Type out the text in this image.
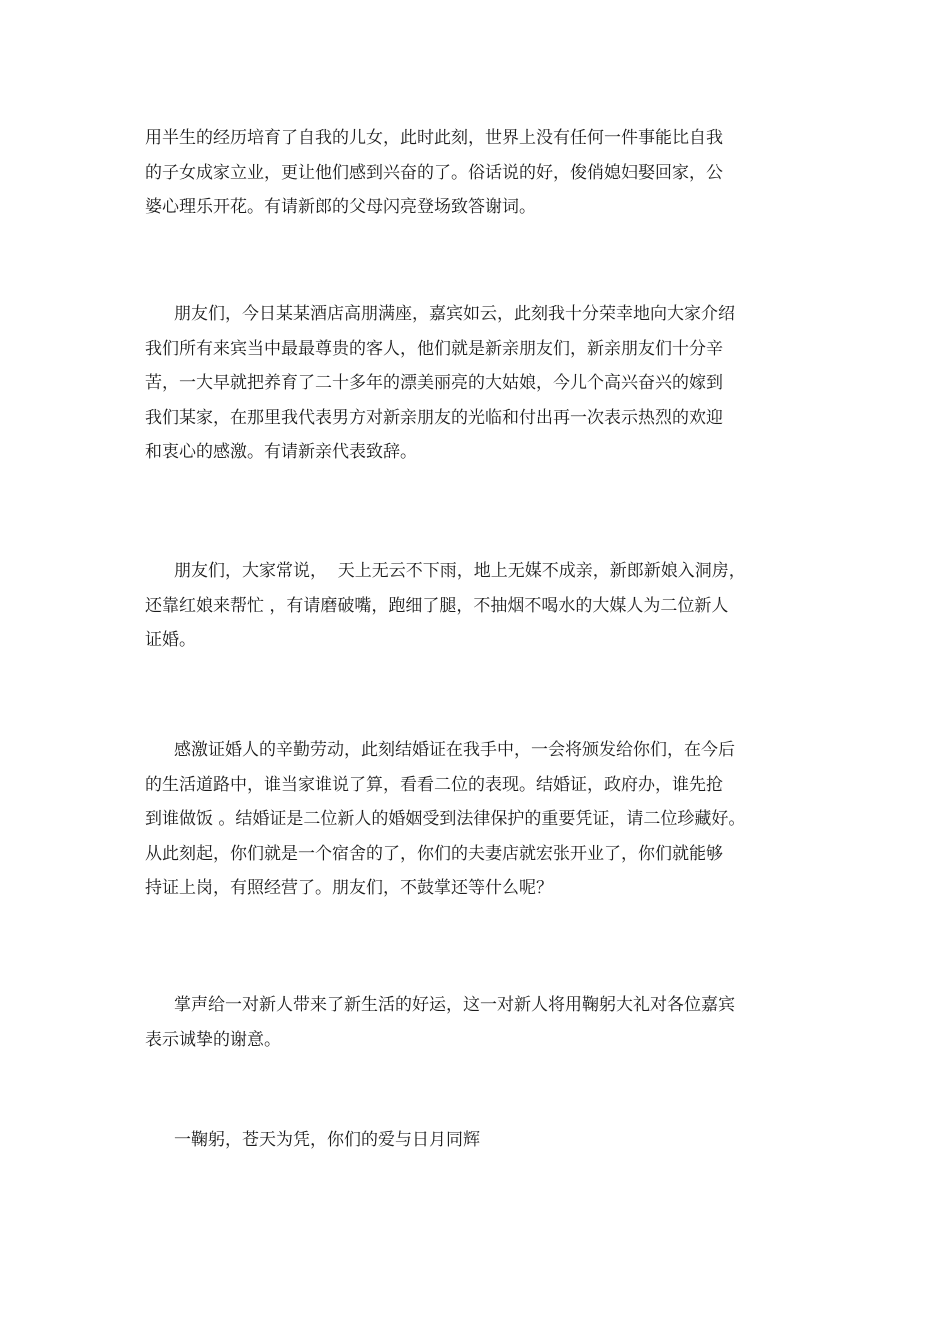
用半生的经历培育了自我的儿女，此时此刻，世界上没有任何一件事能比自我
的子女成家立业，更让他们感到兴奋的了。俗话说的好，俊俏媳妇娶回家，公
婆心理乐开花。有请新郎的父母闪亮登场致答谢词。
朋友们，今日某某酒店高朋满座，嘉宾如云，此刻我十分荣幸地向大家介绍
我们所有来宾当中最最尊贵的客人，他们就是新亲朋友们，新亲朋友们十分辛
苦，一大早就把养育了二十多年的漂美丽亮的大姑娘，今儿个高兴奋兴的嫁到
我们某家，在那里我代表男方对新亲朋友的光临和付出再一次表示热烈的欢迎
和衷心的感激。有请新亲代表致辞。
朋友们，大家常说，  天上无云不下雨，地上无媒不成亲，新郎新娘入洞房，
还靠红娘来帮忙 ，有请磨破嘴，跑细了腿，不抽烟不喝水的大媒人为二位新人
证婚。
感激证婚人的辛勤劳动，此刻结婚证在我手中，一会将颁发给你们，在今后
的生活道路中，谁当家谁说了算，看看二位的表现。结婚证，政府办，谁先抢
到谁做饭 。结婚证是二位新人的婚姻受到法律保护的重要凭证，请二位珍藏好。
从此刻起，你们就是一个宿舍的了，你们的夫妻店就宏张开业了，你们就能够
持证上岗，有照经营了。朋友们，不鼓掌还等什么呢？
掌声给一对新人带来了新生活的好运，这一对新人将用鞠躬大礼对各位嘉宾
表示诚挚的谢意。
一鞠躬，苍天为凭，你们的爱与日月同辉
